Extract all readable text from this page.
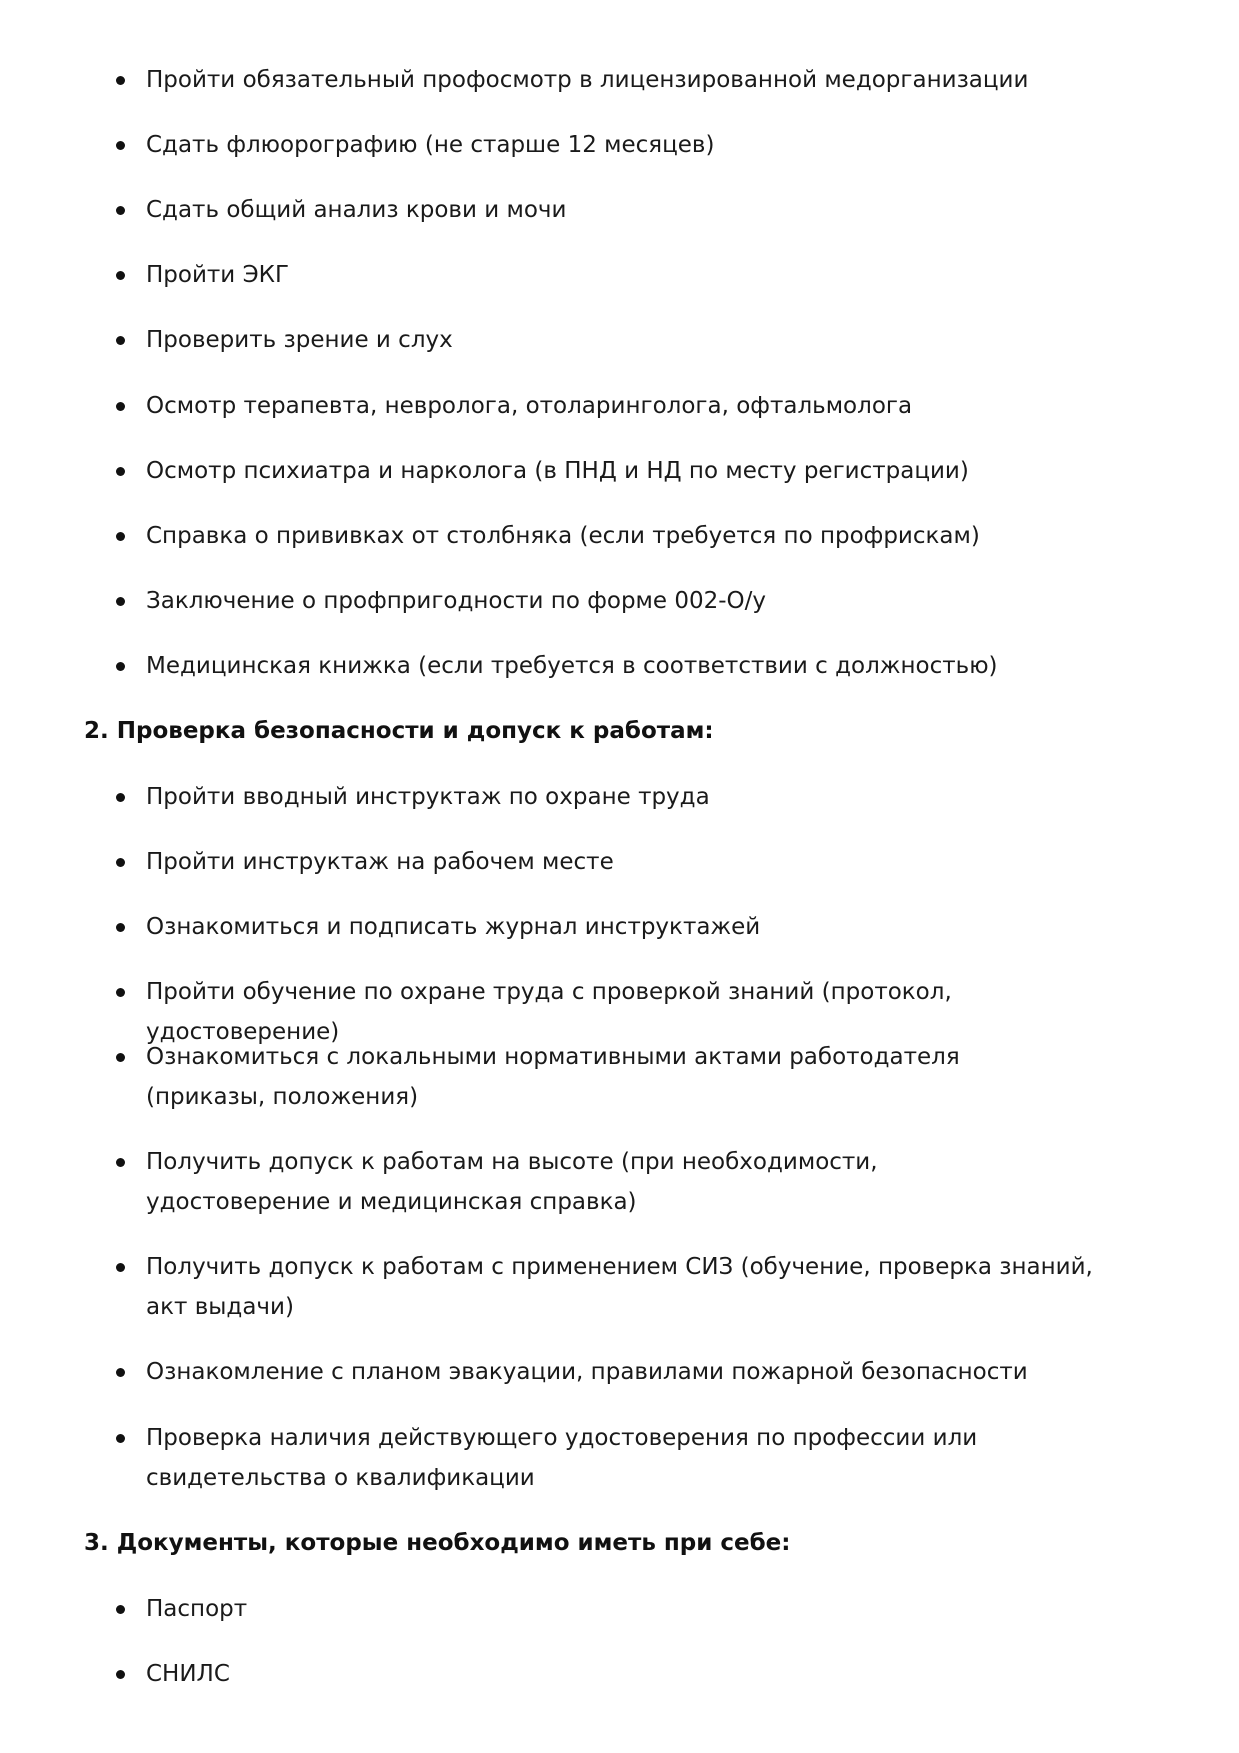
Пройти обязательный профосмотр в лицензированной медорганизации
Сдать флюорографию (не старше 12 месяцев)
Сдать общий анализ крови и мочи
Пройти ЭКГ
Проверить зрение и слух
Осмотр терапевта, невролога, отоларинголога, офтальмолога
Осмотр психиатра и нарколога (в ПНД и НД по месту регистрации)
Справка о прививках от столбняка (если требуется по профрискам)
Заключение о профпригодности по форме 002-О/у
Медицинская книжка (если требуется в соответствии с должностью)
2. Проверка безопасности и допуск к работам:
Пройти вводный инструктаж по охране труда
Пройти инструктаж на рабочем месте
Ознакомиться и подписать журнал инструктажей
Пройти обучение по охране труда с проверкой знаний (протокол, удостоверение)
Ознакомиться с локальными нормативными актами работодателя (приказы, положения)
Получить допуск к работам на высоте (при необходимости, удостоверение и медицинская справка)
Получить допуск к работам с применением СИЗ (обучение, проверка знаний, акт выдачи)
Ознакомление с планом эвакуации, правилами пожарной безопасности
Проверка наличия действующего удостоверения по профессии или свидетельства о квалификации
3. Документы, которые необходимо иметь при себе:
Паспорт
СНИЛС
